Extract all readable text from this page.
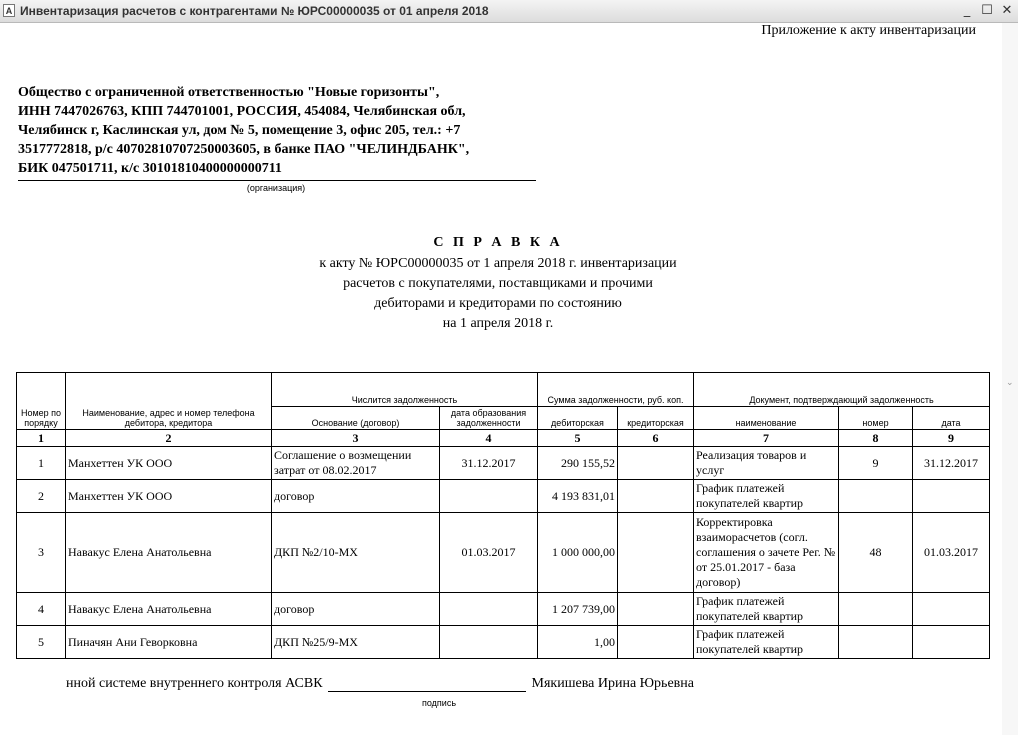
A Инвентаризация расчетов с контрагентами № ЮРС00000035 от 01 апреля 2018	_ ☐ ✕
⌄
Приложение к акту инвентаризации
Общество с ограниченной ответственностью "Новые горизонты",
ИНН 7447026763, КПП 744701001, РОССИЯ, 454084, Челябинская обл,
Челябинск г, Каслинская ул, дом № 5, помещение 3, офис 205, тел.: +7
3517772818, р/с 40702810707250003605, в банке ПАО "ЧЕЛИНДБАНК",
БИК 047501711, к/с 30101810400000000711
(организация)
С П Р А В К А
к акту № ЮРС00000035 от 1 апреля 2018 г. инвентаризации
расчетов с покупателями, поставщиками и прочими
дебиторами и кредиторами по состоянию
на 1 апреля 2018 г.
Номер по порядку	Наименование, адрес и номер телефона дебитора, кредитора	Числится задолженность		Сумма задолженности, руб. коп.		Документ, подтверждающий задолженность		
		Основание (договор)	дата образования задолженности	дебиторская	кредиторская	наименование	номер	дата
1	2	3	4	5	6	7	8	9
1	Манхеттен УК ООО	Соглашение о возмещении затрат от 08.02.2017	31.12.2017	290 155,52		Реализация товаров и услуг	9	31.12.2017
2	Манхеттен УК ООО	договор		4 193 831,01		График платежей покупателей квартир		
3	Навакус Елена Анатольевна	ДКП №2/10-МХ	01.03.2017	1 000 000,00		Корректировка взаиморасчетов (согл. соглашения о зачете Рег. № от 25.01.2017 - база договор)	48	01.03.2017
4	Навакус Елена Анатольевна	договор		1 207 739,00		График платежей покупателей квартир		
5	Пиначян Ани Геворковна	ДКП №25/9-МХ		1,00		График платежей покупателей квартир		
нной системе внутреннего контроля АСВК	Мякишева Ирина Юрьевна
подпись
